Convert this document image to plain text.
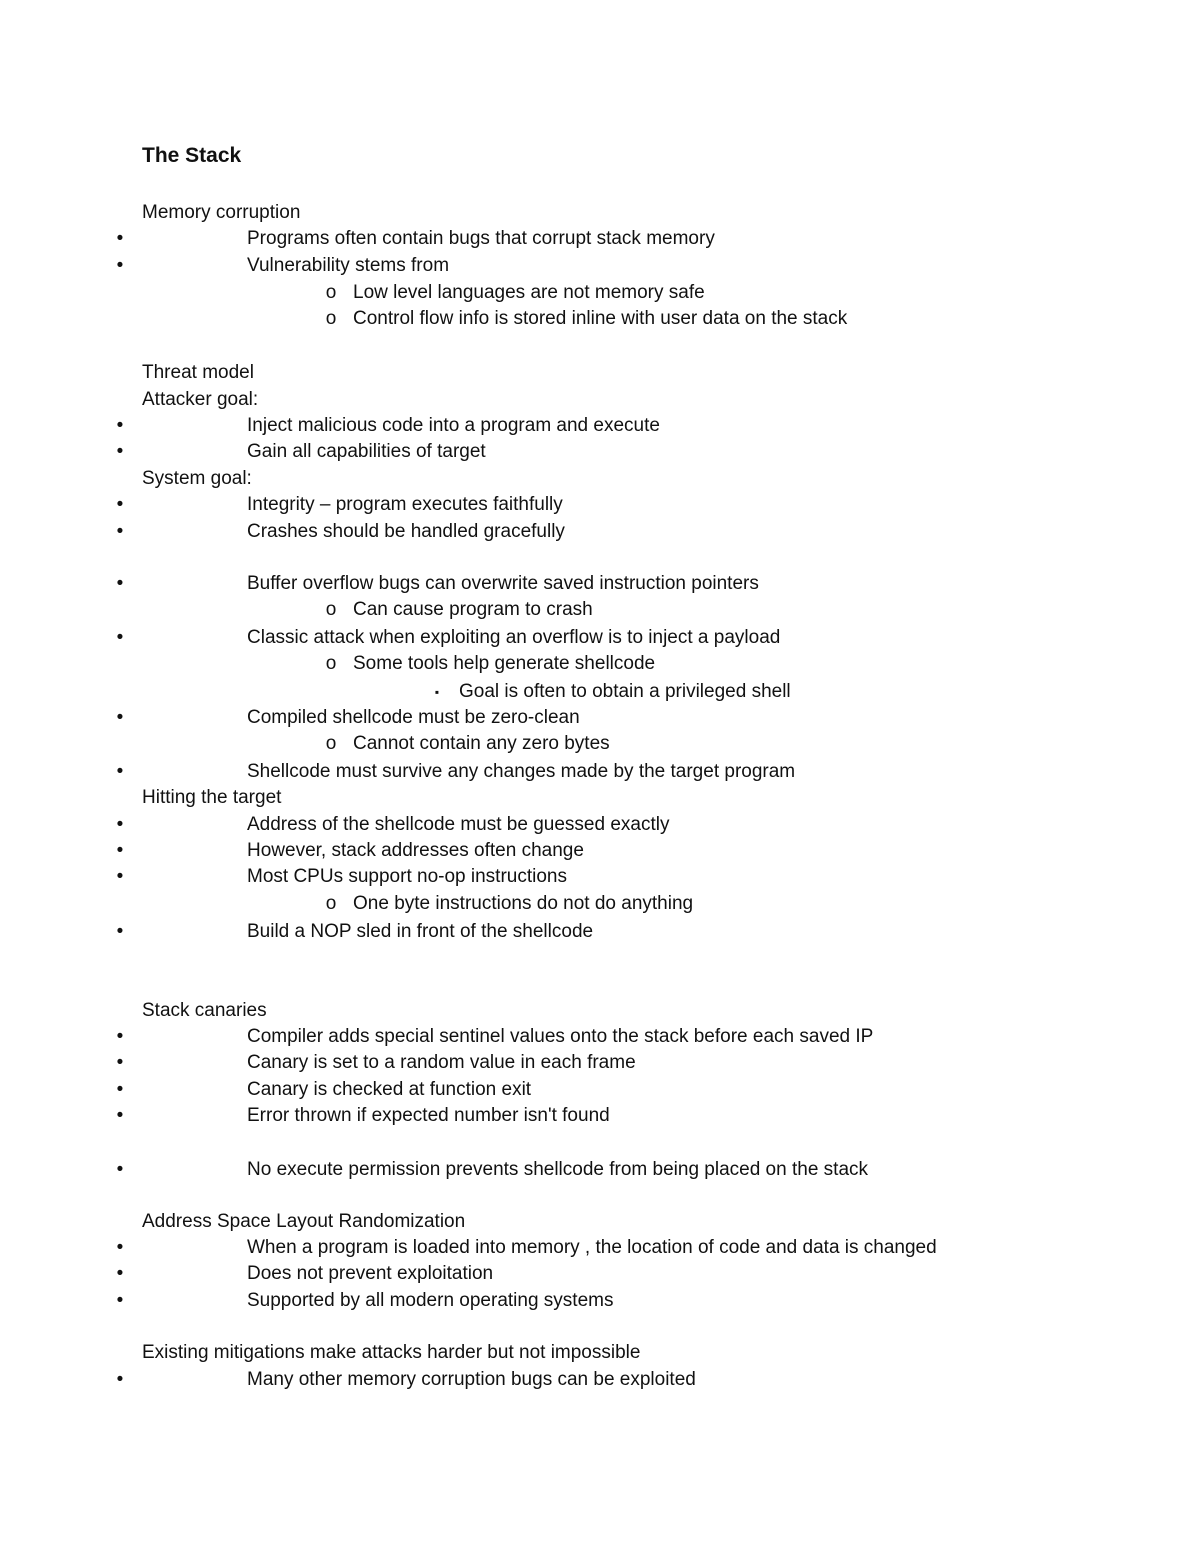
The Stack
Memory corruption
•	Programs often contain bugs that corrupt stack memory
•	Vulnerability stems from
o Low level languages are not memory safe
o Control flow info is stored inline with user data on the stack
Threat model
Attacker goal:
•	Inject malicious code into a program and execute
•	Gain all capabilities of target
System goal:
•	Integrity – program executes faithfully
•	Crashes should be handled gracefully
•	Buffer overflow bugs can overwrite saved instruction pointers
o Can cause program to crash
•	Classic attack when exploiting an overflow is to inject a payload
o Some tools help generate shellcode
▪	Goal is often to obtain a privileged shell
•	Compiled shellcode must be zero-clean
o Cannot contain any zero bytes
•	Shellcode must survive any changes made by the target program
Hitting the target
•	Address of the shellcode must be guessed exactly
•	However, stack addresses often change
•	Most CPUs support no-op instructions
o One byte instructions do not do anything
•	Build a NOP sled in front of the shellcode
Stack canaries
•	Compiler adds special sentinel values onto the stack before each saved IP
•	Canary is set to a random value in each frame
•	Canary is checked at function exit
•	Error thrown if expected number isn't found
•	No execute permission prevents shellcode from being placed on the stack
Address Space Layout Randomization
•	When a program is loaded into memory , the location of code and data is changed
•	Does not prevent exploitation
•	Supported by all modern operating systems
Existing mitigations make attacks harder but not impossible
•	Many other memory corruption bugs can be exploited
